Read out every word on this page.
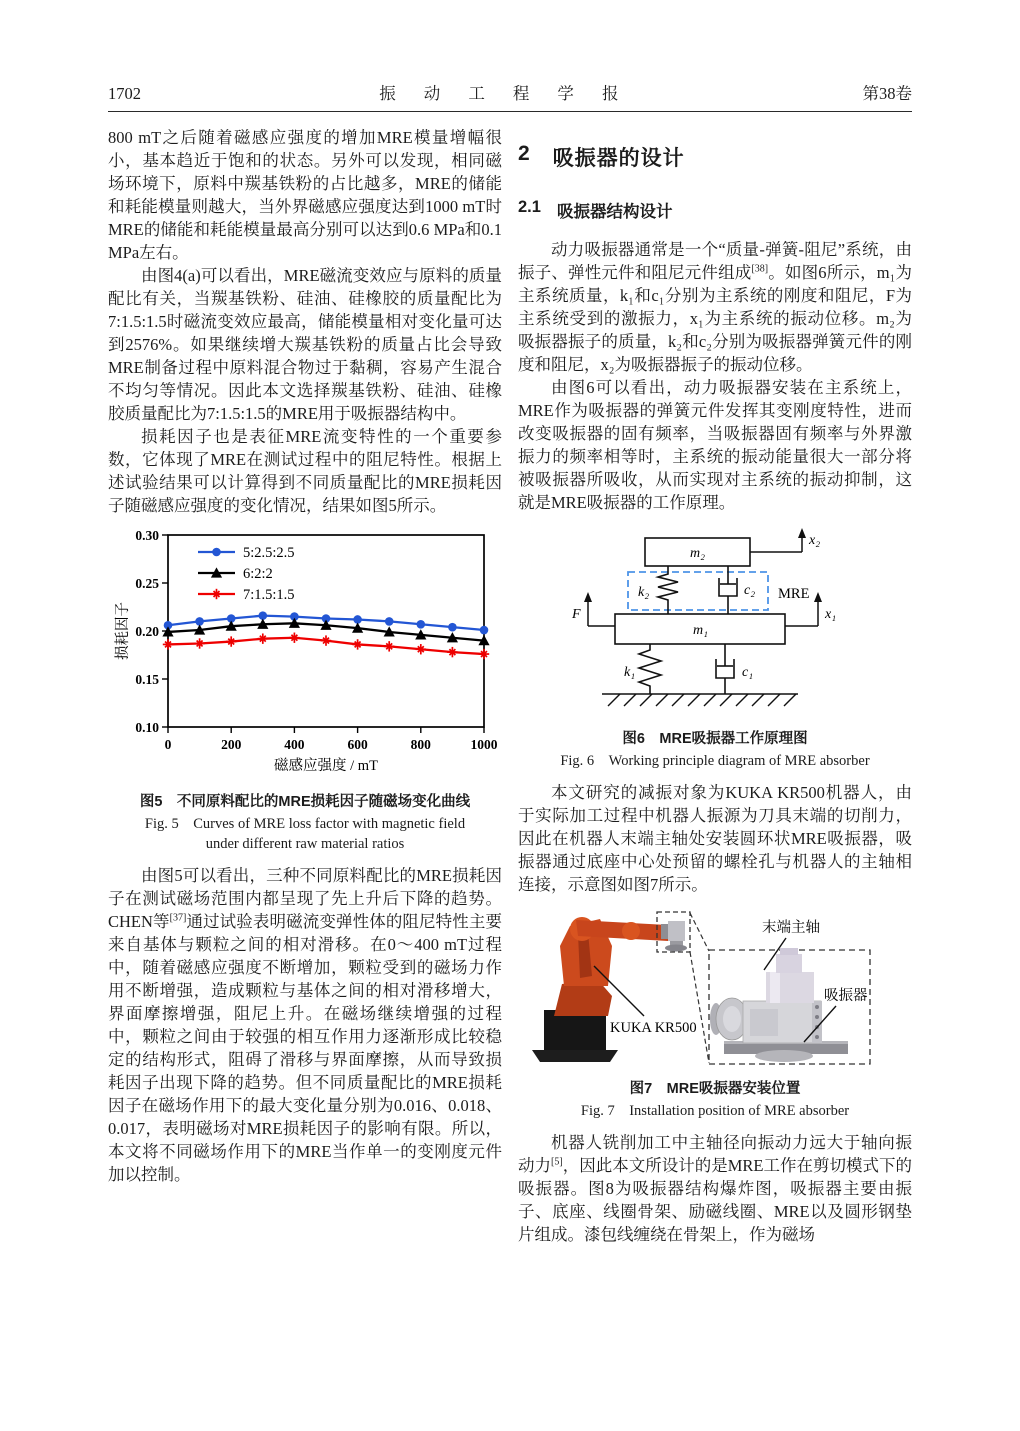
1702	振　动　工　程　学　报	第38卷

800 mT之后随着磁感应强度的增加MRE模量增幅很小，基本趋近于饱和的状态。另外可以发现，相同磁场环境下，原料中羰基铁粉的占比越多，MRE的储能和耗能模量则越大，当外界磁感应强度达到1000 mT时MRE的储能和耗能模量最高分别可以达到0.6 MPa和0.1 MPa左右。

由图4(a)可以看出，MRE磁流变效应与原料的质量配比有关，当羰基铁粉、硅油、硅橡胶的质量配比为7:1.5:1.5时磁流变效应最高，储能模量相对变化量可达到2576%。如果继续增大羰基铁粉的质量占比会导致MRE制备过程中原料混合物过于黏稠，容易产生混合不均匀等情况。因此本文选择羰基铁粉、硅油、硅橡胶质量配比为7:1.5:1.5的MRE用于吸振器结构中。

损耗因子也是表征MRE流变特性的一个重要参数，它体现了MRE在测试过程中的阻尼特性。根据上述试验结果可以计算得到不同质量配比的MRE损耗因子随磁感应强度的变化情况，结果如图5所示。

0	200	400	600	800	1000
0.10
0.15
0.20
0.25
0.30
磁感应强度 / mT
损耗因子
5:2.5:2.5
6:2:2
7:1.5:1.5
图5　不同原料配比的MRE损耗因子随磁场变化曲线
Fig. 5　Curves of MRE loss factor with magnetic field under different raw material ratios

由图5可以看出，三种不同原料配比的MRE损耗因子在测试磁场范围内都呈现了先上升后下降的趋势。CHEN等[37]通过试验表明磁流变弹性体的阻尼特性主要来自基体与颗粒之间的相对滑移。在0～400 mT过程中，随着磁感应强度不断增加，颗粒受到的磁场力作用不断增强，造成颗粒与基体之间的相对滑移增大，界面摩擦增强，阻尼上升。在磁场继续增强的过程中，颗粒之间由于较强的相互作用力逐渐形成比较稳定的结构形式，阻碍了滑移与界面摩擦，从而导致损耗因子出现下降的趋势。但不同质量配比的MRE损耗因子在磁场作用下的最大变化量分别为0.016、0.018、0.017，表明磁场对MRE损耗因子的影响有限。所以，本文将不同磁场作用下的MRE当作单一的变刚度元件加以控制。

2 吸振器的设计
2.1 吸振器结构设计

动力吸振器通常是一个“质量-弹簧-阻尼”系统，由振子、弹性元件和阻尼元件组成[38]。如图6所示，m₁为主系统质量，k₁和c₁分别为主系统的刚度和阻尼，F为主系统受到的激振力，x₁为主系统的振动位移。m₂为吸振器振子的质量，k₂和c₂分别为吸振器弹簧元件的刚度和阻尼，x₂为吸振器振子的振动位移。

由图6可以看出，动力吸振器安装在主系统上，MRE作为吸振器的弹簧元件发挥其变刚度特性，进而改变吸振器的固有频率，当吸振器固有频率与外界激振力的频率相等时，主系统的振动能量很大一部分将被吸振器所吸收，从而实现对主系统的振动抑制，这就是MRE吸振器的工作原理。

k₁	c₁
m₁
F	x₁
MRE
k₂	c₂
m₂
x₂
图6　MRE吸振器工作原理图
Fig. 6　Working principle diagram of MRE absorber

本文研究的减振对象为KUKA KR500机器人，由于实际加工过程中机器人振源为刀具末端的切削力，因此在机器人末端主轴处安装圆环状MRE吸振器，吸振器通过底座中心处预留的螺栓孔与机器人的主轴相连接，示意图如图7所示。

KUKA KR500
末端主轴
吸振器
图7　MRE吸振器安装位置
Fig. 7　Installation position of MRE absorber

机器人铣削加工中主轴径向振动力远大于轴向振动力[5]，因此本文所设计的是MRE工作在剪切模式下的吸振器。图8为吸振器结构爆炸图，吸振器主要由振子、底座、线圈骨架、励磁线圈、MRE以及圆形钢垫片组成。漆包线缠绕在骨架上，作为磁场
